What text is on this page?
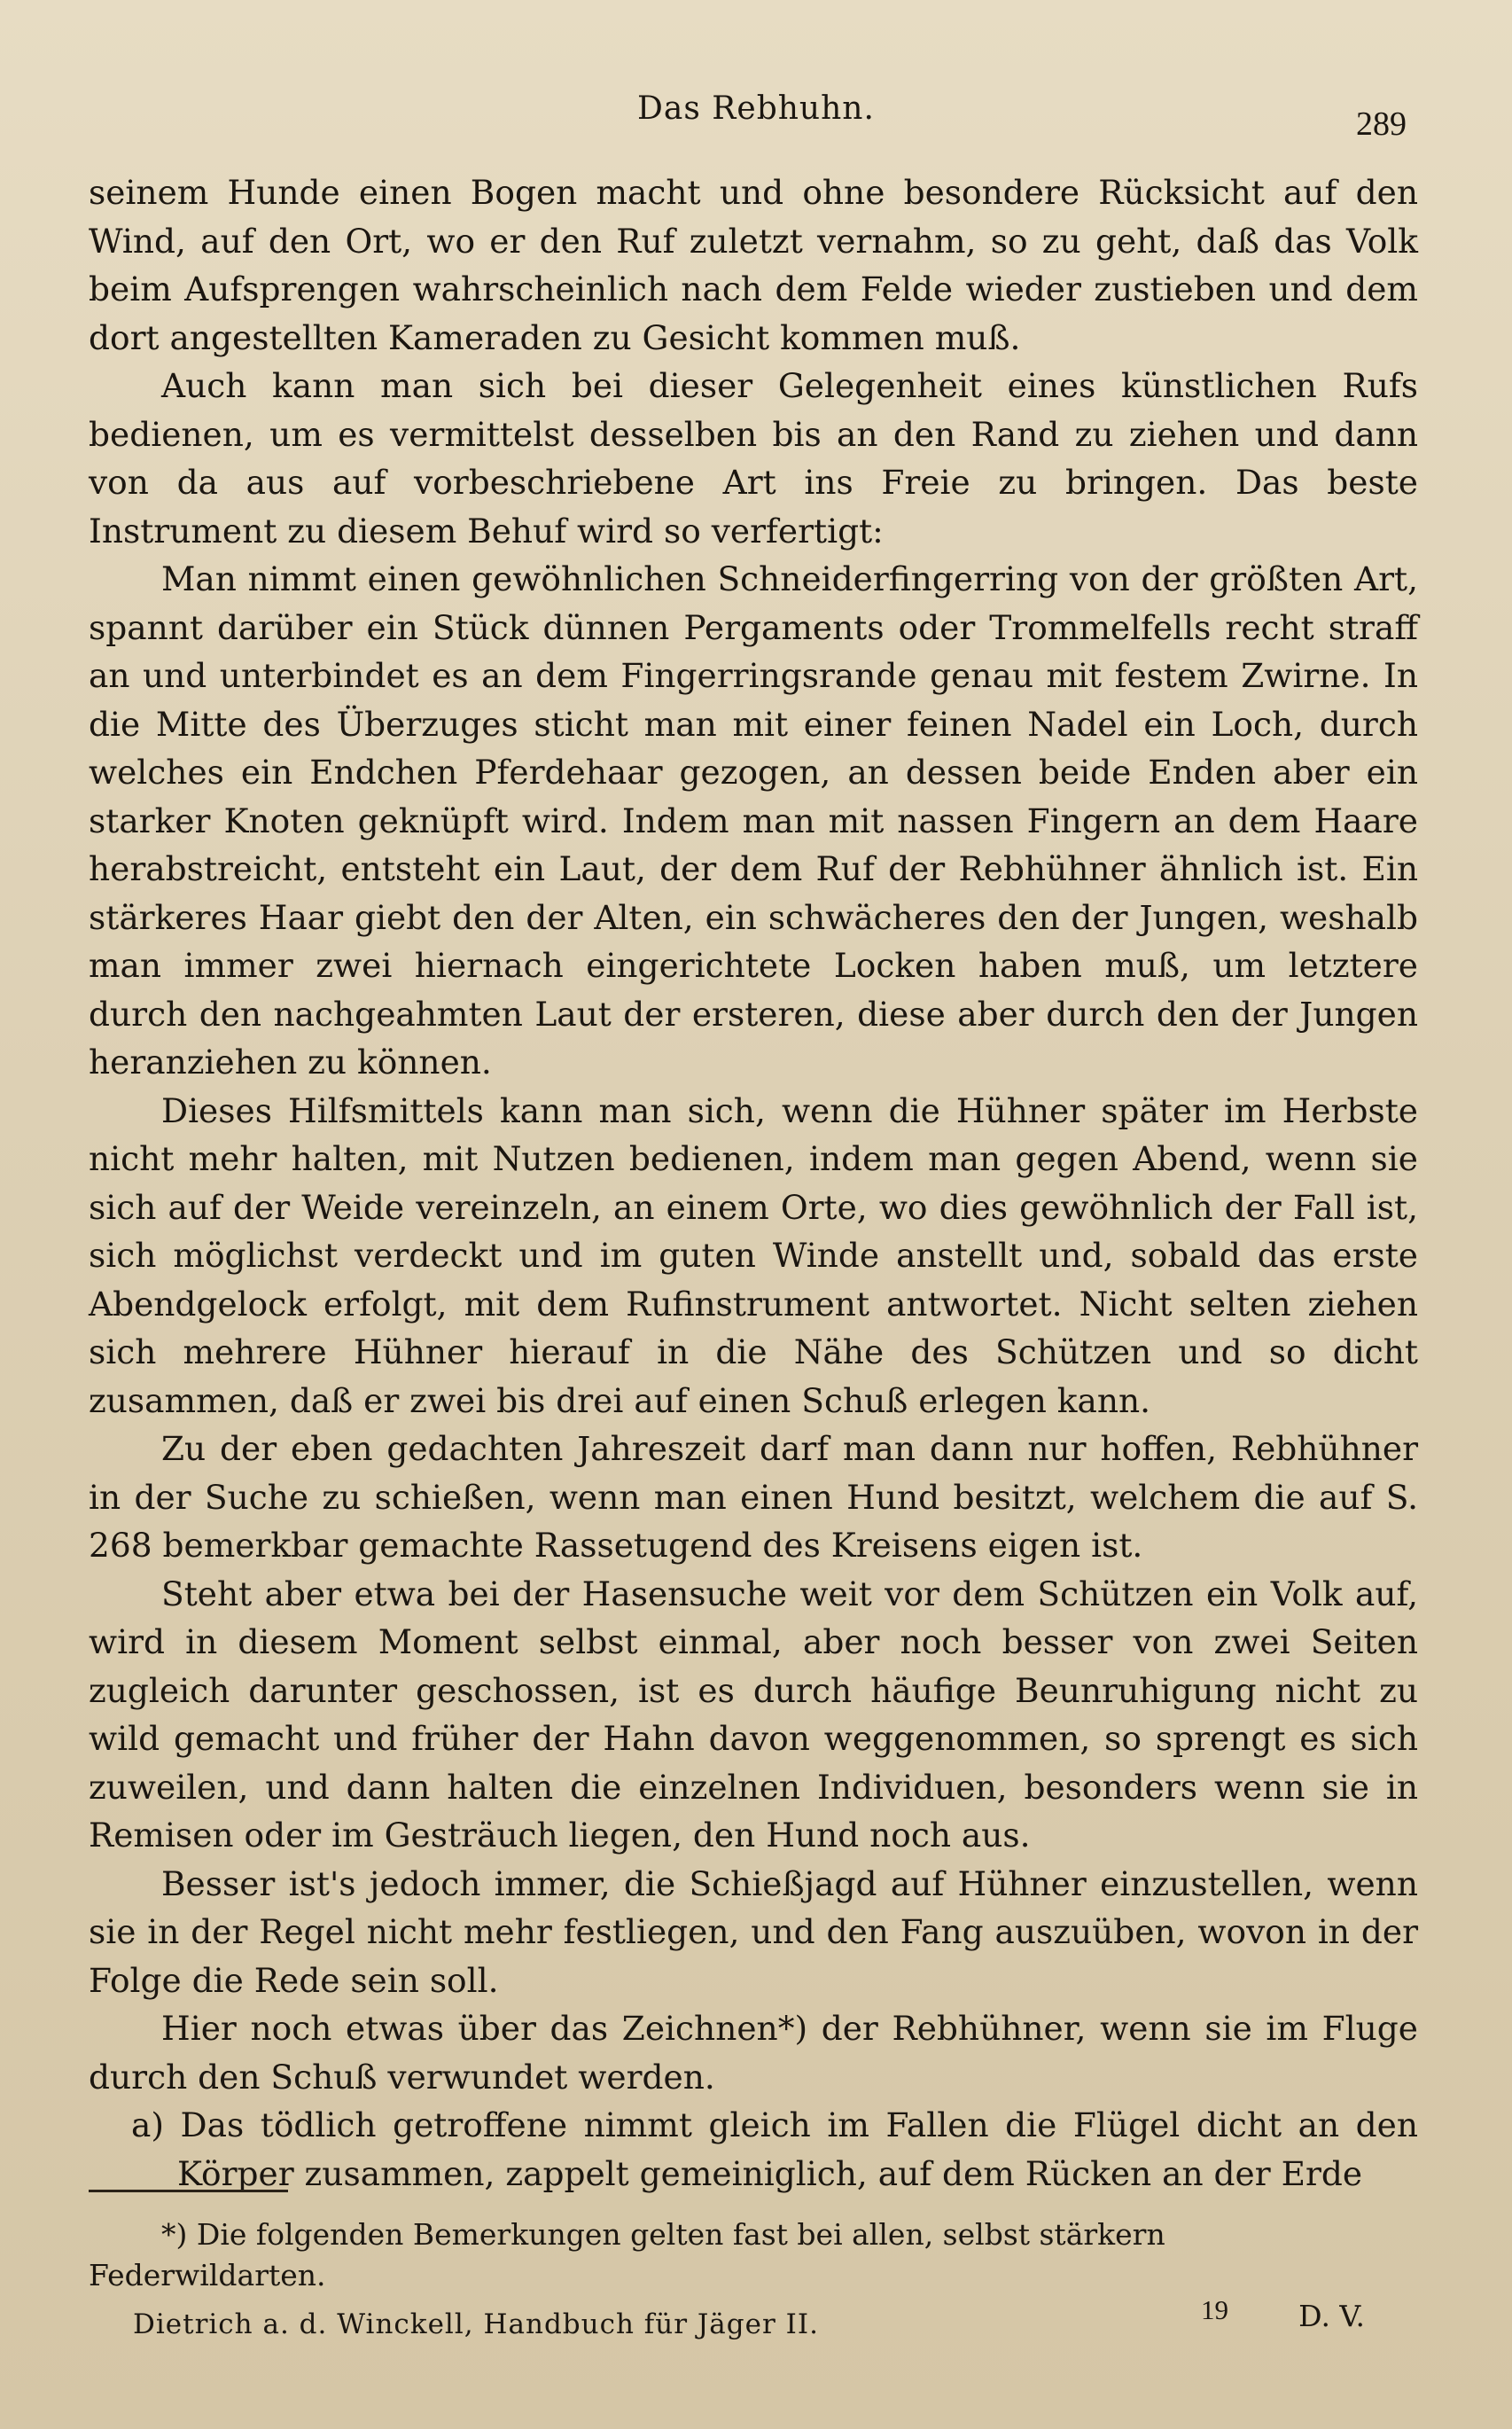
Das Rebhuhn.	289

seinem Hunde einen Bogen macht und ohne besondere Rücksicht auf den Wind, auf den Ort, wo er den Ruf zuletzt vernahm, so zu geht, daß das Volk beim Aufsprengen wahrscheinlich nach dem Felde wieder zustieben und dem dort angestellten Kameraden zu Gesicht kommen muß.

Auch kann man sich bei dieser Gelegenheit eines künstlichen Rufs bedienen, um es vermittelst desselben bis an den Rand zu ziehen und dann von da aus auf vorbeschriebene Art ins Freie zu bringen. Das beste Instrument zu diesem Behuf wird so verfertigt:

Man nimmt einen gewöhnlichen Schneiderfingerring von der größten Art, spannt darüber ein Stück dünnen Pergaments oder Trommelfells recht straff an und unterbindet es an dem Fingerringsrande genau mit festem Zwirne. In die Mitte des Überzuges sticht man mit einer feinen Nadel ein Loch, durch welches ein Endchen Pferdehaar gezogen, an dessen beide Enden aber ein starker Knoten geknüpft wird. Indem man mit nassen Fingern an dem Haare herabstreicht, entsteht ein Laut, der dem Ruf der Rebhühner ähnlich ist. Ein stärkeres Haar giebt den der Alten, ein schwächeres den der Jungen, weshalb man immer zwei hiernach eingerichtete Locken haben muß, um letztere durch den nachgeahmten Laut der ersteren, diese aber durch den der Jungen heranziehen zu können.

Dieses Hilfsmittels kann man sich, wenn die Hühner später im Herbste nicht mehr halten, mit Nutzen bedienen, indem man gegen Abend, wenn sie sich auf der Weide vereinzeln, an einem Orte, wo dies gewöhnlich der Fall ist, sich möglichst verdeckt und im guten Winde anstellt und, sobald das erste Abendgelock erfolgt, mit dem Rufinstrument antwortet. Nicht selten ziehen sich mehrere Hühner hierauf in die Nähe des Schützen und so dicht zusammen, daß er zwei bis drei auf einen Schuß erlegen kann.

Zu der eben gedachten Jahreszeit darf man dann nur hoffen, Rebhühner in der Suche zu schießen, wenn man einen Hund besitzt, welchem die auf S. 268 bemerkbar gemachte Rassetugend des Kreisens eigen ist.

Steht aber etwa bei der Hasensuche weit vor dem Schützen ein Volk auf, wird in diesem Moment selbst einmal, aber noch besser von zwei Seiten zugleich darunter geschossen, ist es durch häufige Beunruhigung nicht zu wild gemacht und früher der Hahn davon weggenommen, so sprengt es sich zuweilen, und dann halten die einzelnen Individuen, besonders wenn sie in Remisen oder im Gesträuch liegen, den Hund noch aus.

Besser ist's jedoch immer, die Schießjagd auf Hühner einzustellen, wenn sie in der Regel nicht mehr festliegen, und den Fang auszuüben, wovon in der Folge die Rede sein soll.

Hier noch etwas über das Zeichnen*) der Rebhühner, wenn sie im Fluge durch den Schuß verwundet werden.

a) Das tödlich getroffene nimmt gleich im Fallen die Flügel dicht an den Körper zusammen, zappelt gemeiniglich, auf dem Rücken an der Erde

*) Die folgenden Bemerkungen gelten fast bei allen, selbst stärkern Federwildarten.
D. V.
Dietrich a. d. Winckell, Handbuch für Jäger II.	19
